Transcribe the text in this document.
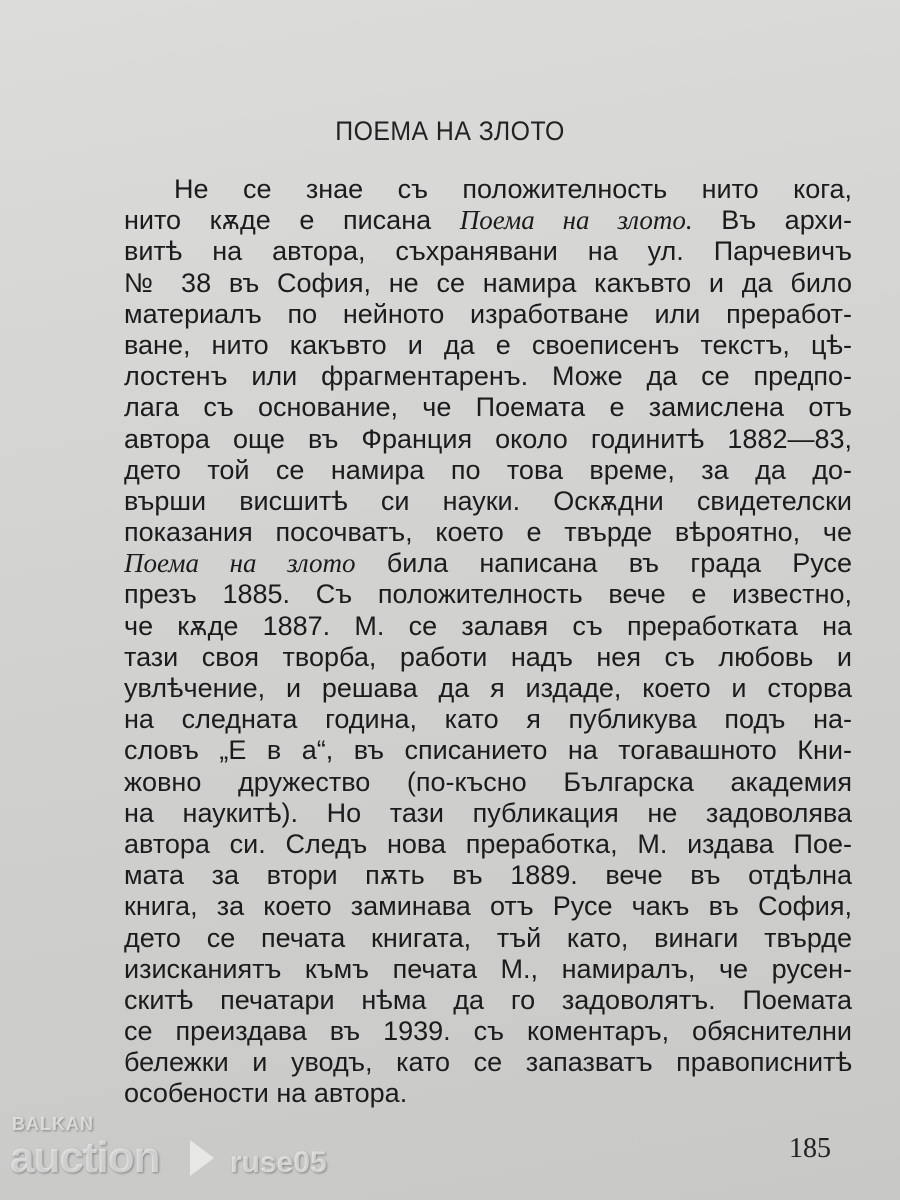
ПОЕМА НА ЗЛОТО
Не се знае съ положителность нито кога,
нито кѫде е писана Поема на злото. Въ архи-
витѣ на автора, съхранявани на ул. Парчевичъ
№ 38 въ София, не се намира какъвто и да било
материалъ по нейното изработване или преработ-
ване, нито какъвто и да е своеписенъ текстъ, цѣ-
лостенъ или фрагментаренъ. Може да се предпо-
лага съ основание, че Поемата е замислена отъ
автора още въ Франция около годинитѣ 1882—83,
дето той се намира по това време, за да до-
върши висшитѣ си науки. Оскѫдни свидетелски
показания посочватъ, което е твърде вѣроятно, че
Поема на злото била написана въ града Русе
презъ 1885. Съ положителность вече е известно,
че кѫде 1887. М. се залавя съ преработката на
тази своя творба, работи надъ нея съ любовь и
увлѣчение, и решава да я издаде, което и сторва
на следната година, като я публикува подъ на-
словъ „Е в а“, въ списанието на тогавашното Кни-
жовно дружество (по-късно Българска академия
на наукитѣ). Но тази публикация не задоволява
автора си. Следъ нова преработка, М. издава Пое-
мата за втори пѫть въ 1889. вече въ отдѣлна
книга, за което заминава отъ Русе чакъ въ София,
дето се печата книгата, тъй като, винаги твърде
изисканиятъ къмъ печата М., намиралъ, че русен-
скитѣ печатари нѣма да го задоволятъ. Поемата
се преиздава въ 1939. съ коментаръ, обяснителни
бележки и уводъ, като се запазватъ правописнитѣ
особености на автора.
185
BALKAN
auction ruse05
